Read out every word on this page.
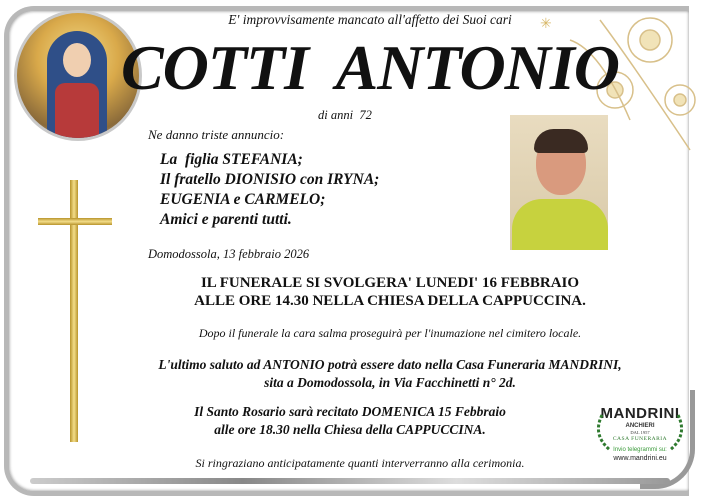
✳
E' improvvisamente mancato all'affetto dei Suoi cari
COTTI  ANTONIO
di anni  72
Ne danno triste annuncio:
La  figlia STEFANIA;
Il fratello DIONISIO con IRYNA;
EUGENIA e CARMELO;
Amici e parenti tutti.
Domodossola, 13 febbraio 2026
IL FUNERALE SI SVOLGERA' LUNEDI' 16 FEBBRAIO
ALLE ORE 14.30 NELLA CHIESA DELLA CAPPUCCINA.
Dopo il funerale la cara salma proseguirà per l'inumazione nel cimitero locale.
L'ultimo saluto ad ANTONIO potrà essere dato nella Casa Funeraria MANDRINI,
sita a Domodossola, in Via Facchinetti n° 2d.
Il Santo Rosario sarà recitato DOMENICA 15 Febbraio
alle ore 18.30 nella Chiesa della CAPPUCCINA.
Si ringraziano anticipatamente quanti interverranno alla cerimonia.
MANDRINI
ANCHIERI
DAL 1957
CASA FUNERARIA
Invio telegrammi su:
www.mandrini.eu
